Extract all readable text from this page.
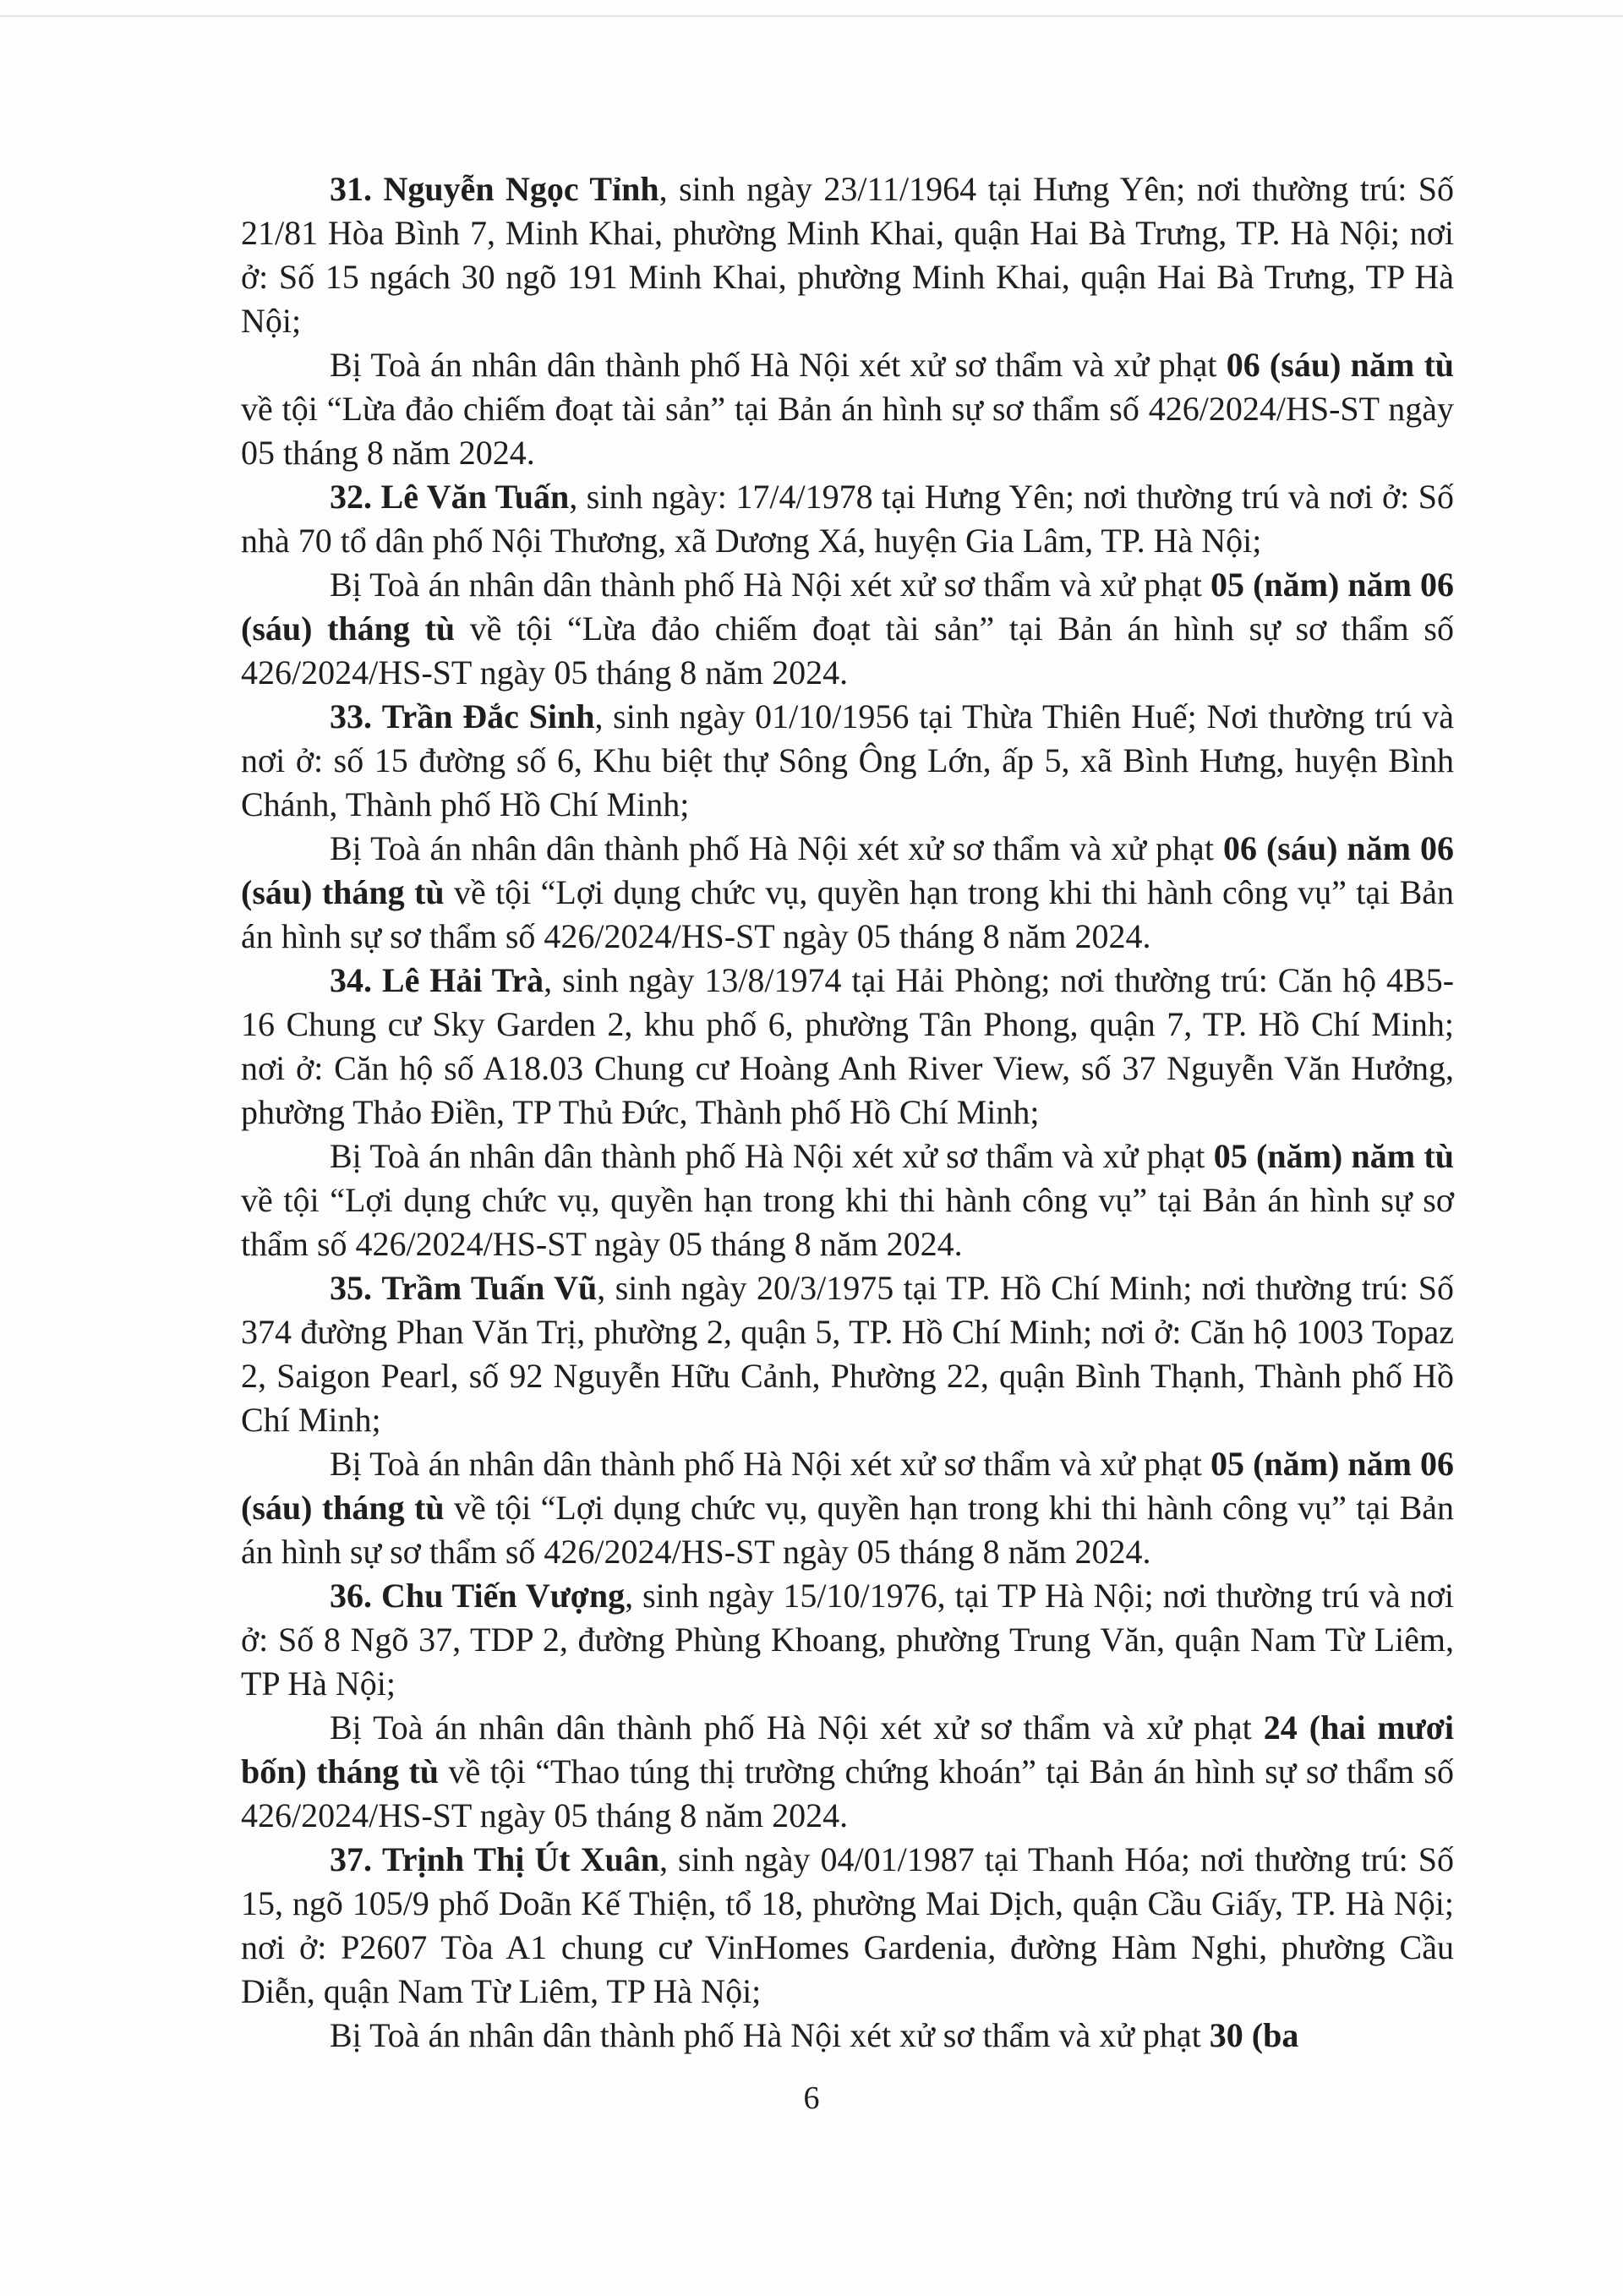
31. Nguyễn Ngọc Tỉnh, sinh ngày 23/11/1964 tại Hưng Yên; nơi thường trú: Số 21/81 Hòa Bình 7, Minh Khai, phường Minh Khai, quận Hai Bà Trưng, TP. Hà Nội; nơi ở: Số 15 ngách 30 ngõ 191 Minh Khai, phường Minh Khai, quận Hai Bà Trưng, TP Hà Nội;

Bị Toà án nhân dân thành phố Hà Nội xét xử sơ thẩm và xử phạt 06 (sáu) năm tù về tội “Lừa đảo chiếm đoạt tài sản” tại Bản án hình sự sơ thẩm số 426/2024/HS-ST ngày 05 tháng 8 năm 2024.

32. Lê Văn Tuấn, sinh ngày: 17/4/1978 tại Hưng Yên; nơi thường trú và nơi ở: Số nhà 70 tổ dân phố Nội Thương, xã Dương Xá, huyện Gia Lâm, TP. Hà Nội;

Bị Toà án nhân dân thành phố Hà Nội xét xử sơ thẩm và xử phạt 05 (năm) năm 06 (sáu) tháng tù về tội “Lừa đảo chiếm đoạt tài sản” tại Bản án hình sự sơ thẩm số 426/2024/HS-ST ngày 05 tháng 8 năm 2024.

33. Trần Đắc Sinh, sinh ngày 01/10/1956 tại Thừa Thiên Huế; Nơi thường trú và nơi ở: số 15 đường số 6, Khu biệt thự Sông Ông Lớn, ấp 5, xã Bình Hưng, huyện Bình Chánh, Thành phố Hồ Chí Minh;

Bị Toà án nhân dân thành phố Hà Nội xét xử sơ thẩm và xử phạt 06 (sáu) năm 06 (sáu) tháng tù về tội “Lợi dụng chức vụ, quyền hạn trong khi thi hành công vụ” tại Bản án hình sự sơ thẩm số 426/2024/HS-ST ngày 05 tháng 8 năm 2024.

34. Lê Hải Trà, sinh ngày 13/8/1974 tại Hải Phòng; nơi thường trú: Căn hộ 4B5-16 Chung cư Sky Garden 2, khu phố 6, phường Tân Phong, quận 7, TP. Hồ Chí Minh; nơi ở: Căn hộ số A18.03 Chung cư Hoàng Anh River View, số 37 Nguyễn Văn Hưởng, phường Thảo Điền, TP Thủ Đức, Thành phố Hồ Chí Minh;

Bị Toà án nhân dân thành phố Hà Nội xét xử sơ thẩm và xử phạt 05 (năm) năm tù về tội “Lợi dụng chức vụ, quyền hạn trong khi thi hành công vụ” tại Bản án hình sự sơ thẩm số 426/2024/HS-ST ngày 05 tháng 8 năm 2024.

35. Trầm Tuấn Vũ, sinh ngày 20/3/1975 tại TP. Hồ Chí Minh; nơi thường trú: Số 374 đường Phan Văn Trị, phường 2, quận 5, TP. Hồ Chí Minh; nơi ở: Căn hộ 1003 Topaz 2, Saigon Pearl, số 92 Nguyễn Hữu Cảnh, Phường 22, quận Bình Thạnh, Thành phố Hồ Chí Minh;

Bị Toà án nhân dân thành phố Hà Nội xét xử sơ thẩm và xử phạt 05 (năm) năm 06 (sáu) tháng tù về tội “Lợi dụng chức vụ, quyền hạn trong khi thi hành công vụ” tại Bản án hình sự sơ thẩm số 426/2024/HS-ST ngày 05 tháng 8 năm 2024.

36. Chu Tiến Vượng, sinh ngày 15/10/1976, tại TP Hà Nội; nơi thường trú và nơi ở: Số 8 Ngõ 37, TDP 2, đường Phùng Khoang, phường Trung Văn, quận Nam Từ Liêm, TP Hà Nội;

Bị Toà án nhân dân thành phố Hà Nội xét xử sơ thẩm và xử phạt 24 (hai mươi bốn) tháng tù về tội “Thao túng thị trường chứng khoán” tại Bản án hình sự sơ thẩm số 426/2024/HS-ST ngày 05 tháng 8 năm 2024.

37. Trịnh Thị Út Xuân, sinh ngày 04/01/1987 tại Thanh Hóa; nơi thường trú: Số 15, ngõ 105/9 phố Doãn Kế Thiện, tổ 18, phường Mai Dịch, quận Cầu Giấy, TP. Hà Nội; nơi ở: P2607 Tòa A1 chung cư VinHomes Gardenia, đường Hàm Nghi, phường Cầu Diễn, quận Nam Từ Liêm, TP Hà Nội;

Bị Toà án nhân dân thành phố Hà Nội xét xử sơ thẩm và xử phạt 30 (ba

6
